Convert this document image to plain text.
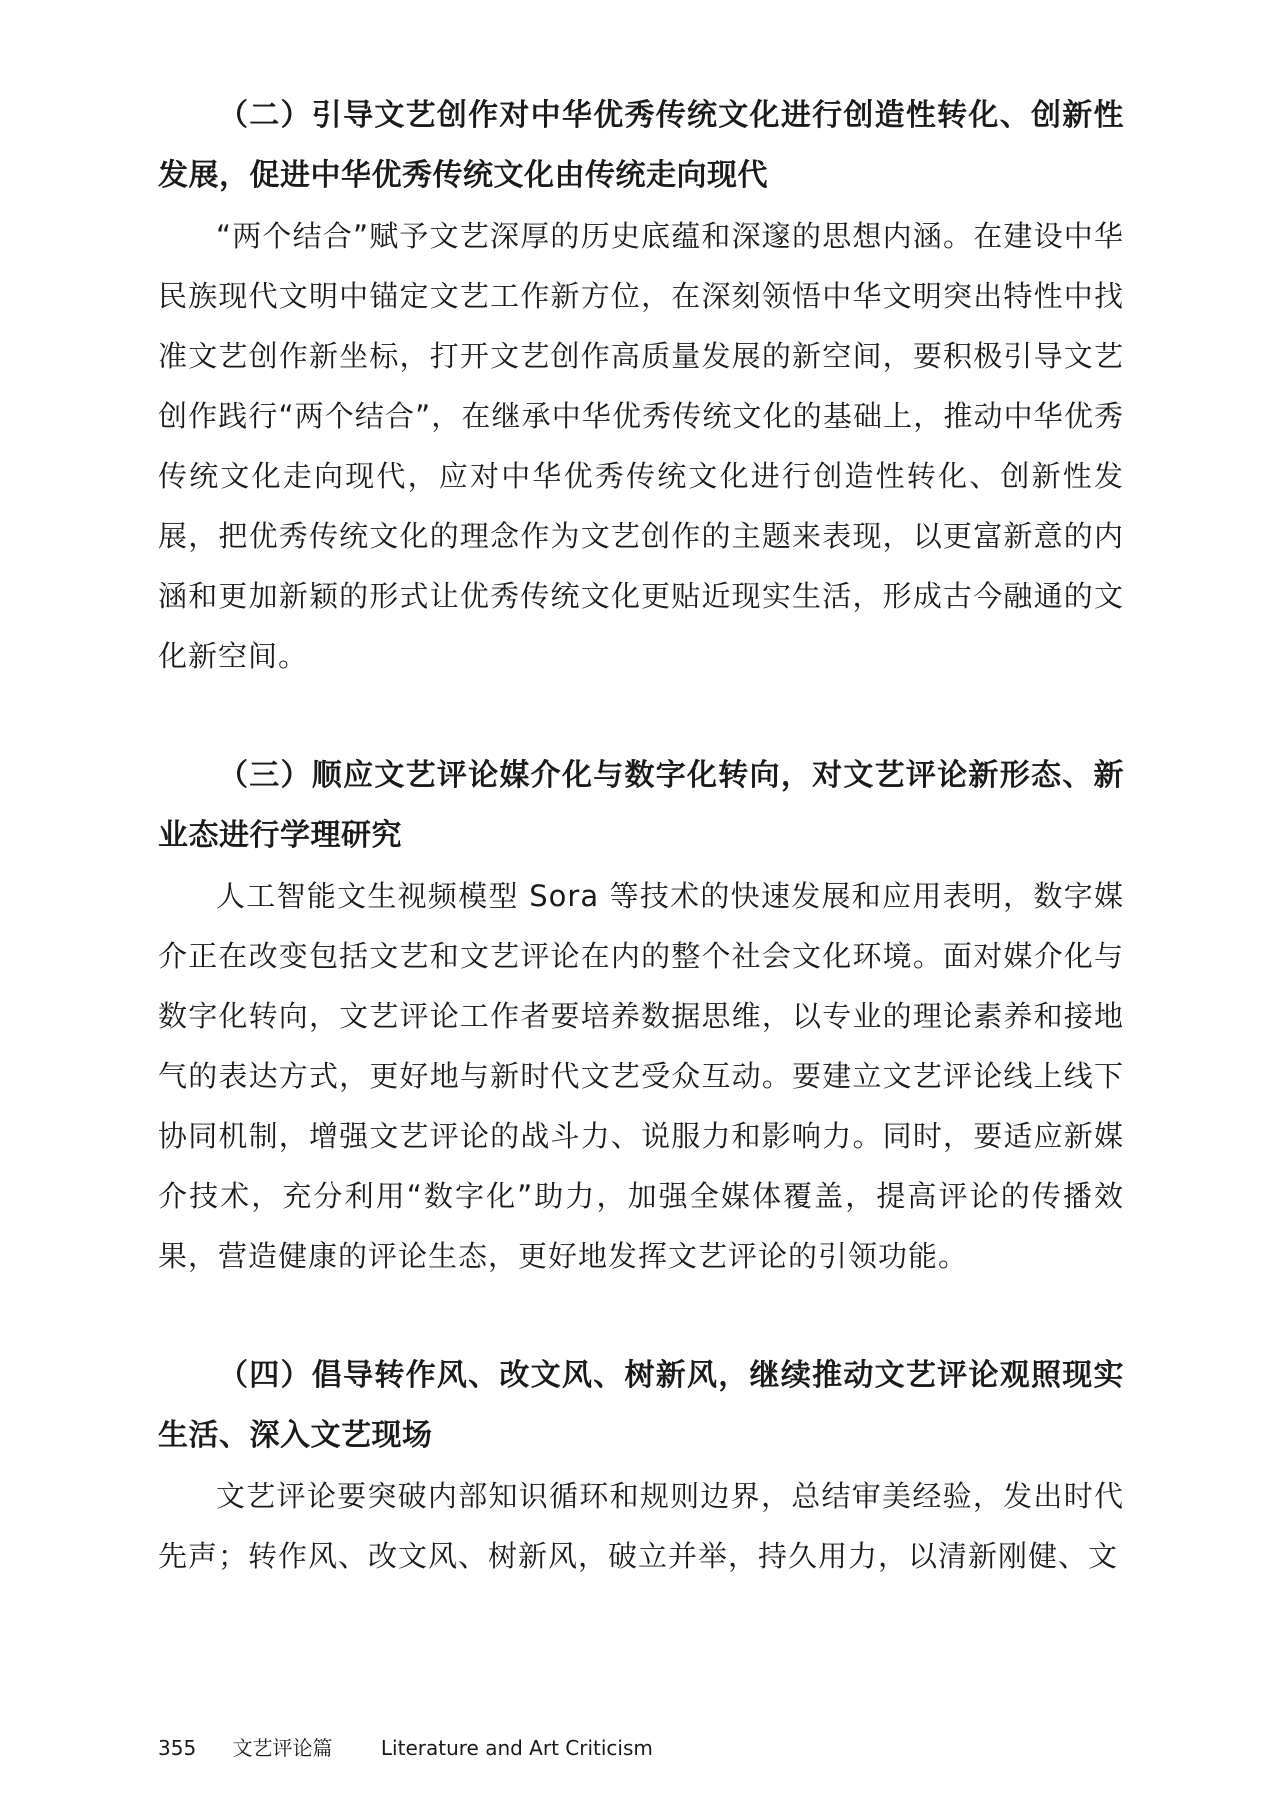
（二）引导文艺创作对中华优秀传统文化进行创造性转化、创新性发展，促进中华优秀传统文化由传统走向现代

“两个结合”赋予文艺深厚的历史底蕴和深邃的思想内涵。在建设中华民族现代文明中锚定文艺工作新方位，在深刻领悟中华文明突出特性中找准文艺创作新坐标，打开文艺创作高质量发展的新空间，要积极引导文艺创作践行“两个结合”，在继承中华优秀传统文化的基础上，推动中华优秀传统文化走向现代，应对中华优秀传统文化进行创造性转化、创新性发展，把优秀传统文化的理念作为文艺创作的主题来表现，以更富新意的内涵和更加新颖的形式让优秀传统文化更贴近现实生活，形成古今融通的文化新空间。

（三）顺应文艺评论媒介化与数字化转向，对文艺评论新形态、新业态进行学理研究

人工智能文生视频模型 Sora 等技术的快速发展和应用表明，数字媒介正在改变包括文艺和文艺评论在内的整个社会文化环境。面对媒介化与数字化转向，文艺评论工作者要培养数据思维，以专业的理论素养和接地气的表达方式，更好地与新时代文艺受众互动。要建立文艺评论线上线下协同机制，增强文艺评论的战斗力、说服力和影响力。同时，要适应新媒介技术，充分利用“数字化”助力，加强全媒体覆盖，提高评论的传播效果，营造健康的评论生态，更好地发挥文艺评论的引领功能。

（四）倡导转作风、改文风、树新风，继续推动文艺评论观照现实生活、深入文艺现场

文艺评论要突破内部知识循环和规则边界，总结审美经验，发出时代先声；转作风、改文风、树新风，破立并举，持久用力，以清新刚健、文

355 文艺评论篇 Literature and Art Criticism
